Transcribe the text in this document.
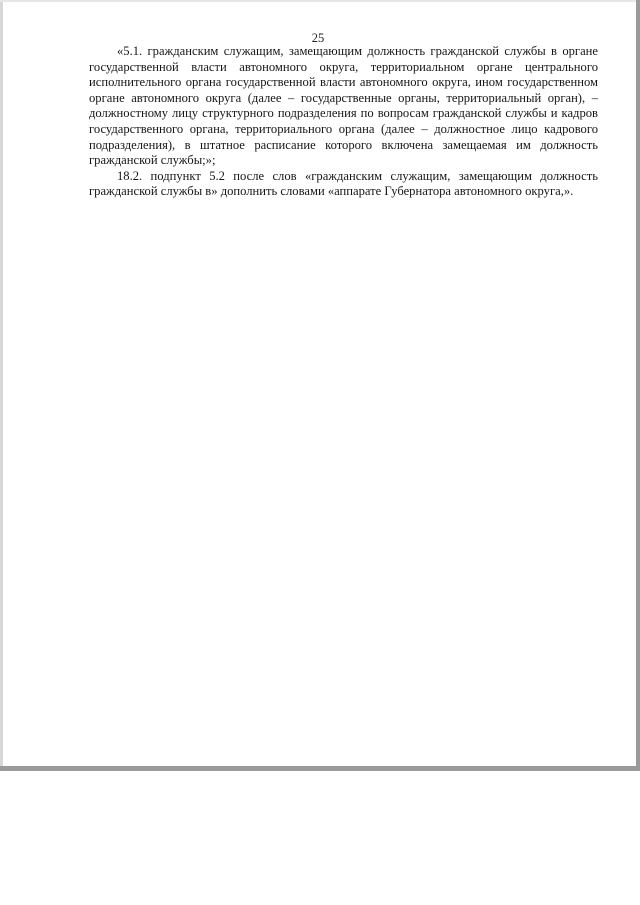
25

«5.1. гражданским служащим, замещающим должность гражданской службы в органе государственной власти автономного округа, территориальном органе центрального исполнительного органа государственной власти автономного округа, ином государственном органе автономного округа (далее – государственные органы, территориальный орган), – должностному лицу структурного подразделения по вопросам гражданской службы и кадров государственного органа, территориального органа (далее – должностное лицо кадрового подразделения), в штатное расписание которого включена замещаемая им должность гражданской службы;»;

18.2. подпункт 5.2 после слов «гражданским служащим, замещающим должность гражданской службы в» дополнить словами «аппарате Губернатора автономного округа,».
